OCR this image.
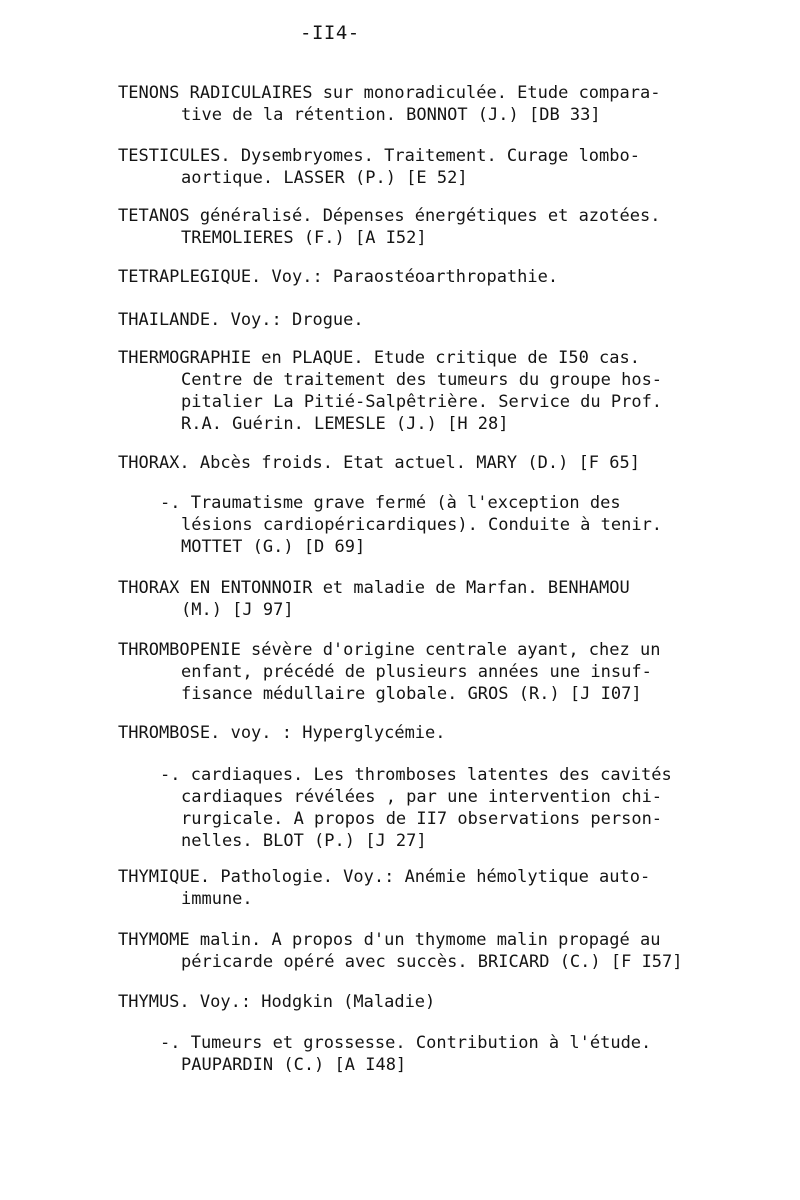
-II4-
TENONS RADICULAIRES sur monoradiculée. Etude compara-
tive de la rétention. BONNOT (J.) [DB 33]
TESTICULES. Dysembryomes. Traitement. Curage lombo-
aortique. LASSER (P.) [E 52]
TETANOS généralisé. Dépenses énergétiques et azotées.
TREMOLIERES (F.) [A I52]
TETRAPLEGIQUE. Voy.: Paraostéoarthropathie.
THAILANDE. Voy.: Drogue.
THERMOGRAPHIE en PLAQUE. Etude critique de I50 cas.
Centre de traitement des tumeurs du groupe hos-
pitalier La Pitié-Salpêtrière. Service du Prof.
R.A. Guérin. LEMESLE (J.) [H 28]
THORAX. Abcès froids. Etat actuel. MARY (D.) [F 65]
-. Traumatisme grave fermé (à l'exception des
lésions cardiopéricardiques). Conduite à tenir.
MOTTET (G.) [D 69]
THORAX EN ENTONNOIR et maladie de Marfan. BENHAMOU
(M.) [J 97]
THROMBOPENIE sévère d'origine centrale ayant, chez un
enfant, précédé de plusieurs années une insuf-
fisance médullaire globale. GROS (R.) [J I07]
THROMBOSE. voy. : Hyperglycémie.
-. cardiaques. Les thromboses latentes des cavités
cardiaques révélées , par une intervention chi-
rurgicale. A propos de II7 observations person-
nelles. BLOT (P.) [J 27]
THYMIQUE. Pathologie. Voy.: Anémie hémolytique auto-
immune.
THYMOME malin. A propos d'un thymome malin propagé au
péricarde opéré avec succès. BRICARD (C.) [F I57]
THYMUS. Voy.: Hodgkin (Maladie)
-. Tumeurs et grossesse. Contribution à l'étude.
PAUPARDIN (C.) [A I48]
